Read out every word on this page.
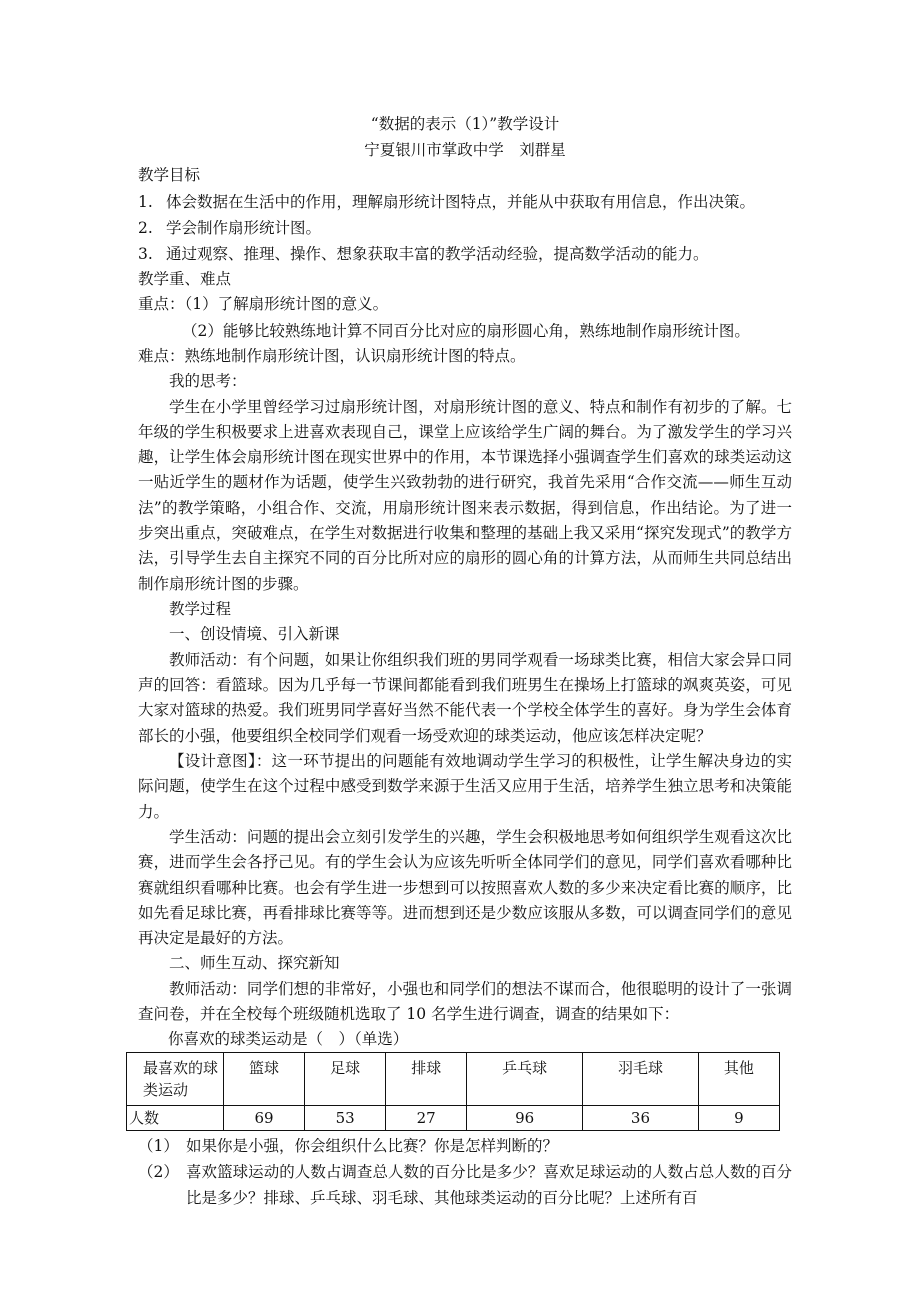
“数据的表示（1）”教学设计
宁夏银川市掌政中学　刘群星
教学目标
1. 体会数据在生活中的作用，理解扇形统计图特点，并能从中获取有用信息，作出决策。
2. 学会制作扇形统计图。
3. 通过观察、推理、操作、想象获取丰富的教学活动经验，提高数学活动的能力。
教学重、难点
重点：（1）了解扇形统计图的意义。
（2）能够比较熟练地计算不同百分比对应的扇形圆心角，熟练地制作扇形统计图。
难点：熟练地制作扇形统计图，认识扇形统计图的特点。
我的思考：
学生在小学里曾经学习过扇形统计图，对扇形统计图的意义、特点和制作有初步的了解。七年级的学生积极要求上进喜欢表现自己，课堂上应该给学生广阔的舞台。为了激发学生的学习兴趣，让学生体会扇形统计图在现实世界中的作用，本节课选择小强调查学生们喜欢的球类运动这一贴近学生的题材作为话题，使学生兴致勃勃的进行研究，我首先采用“合作交流——师生互动法”的教学策略，小组合作、交流，用扇形统计图来表示数据，得到信息，作出结论。为了进一步突出重点，突破难点，在学生对数据进行收集和整理的基础上我又采用“探究发现式”的教学方法，引导学生去自主探究不同的百分比所对应的扇形的圆心角的计算方法，从而师生共同总结出制作扇形统计图的步骤。
教学过程
一、创设情境、引入新课
教师活动：有个问题，如果让你组织我们班的男同学观看一场球类比赛，相信大家会异口同声的回答：看篮球。因为几乎每一节课间都能看到我们班男生在操场上打篮球的飒爽英姿，可见大家对篮球的热爱。我们班男同学喜好当然不能代表一个学校全体学生的喜好。身为学生会体育部长的小强，他要组织全校同学们观看一场受欢迎的球类运动，他应该怎样决定呢？
【设计意图】：这一环节提出的问题能有效地调动学生学习的积极性，让学生解决身边的实际问题，使学生在这个过程中感受到数学来源于生活又应用于生活，培养学生独立思考和决策能力。
学生活动：问题的提出会立刻引发学生的兴趣，学生会积极地思考如何组织学生观看这次比赛，进而学生会各抒己见。有的学生会认为应该先听听全体同学们的意见，同学们喜欢看哪种比赛就组织看哪种比赛。也会有学生进一步想到可以按照喜欢人数的多少来决定看比赛的顺序，比如先看足球比赛，再看排球比赛等等。进而想到还是少数应该服从多数，可以调查同学们的意见再决定是最好的方法。
二、师生互动、探究新知
教师活动：同学们想的非常好，小强也和同学们的想法不谋而合，他很聪明的设计了一张调查问卷，并在全校每个班级随机选取了 10 名学生进行调查，调查的结果如下：
你喜欢的球类运动是（　）（单选）
最喜欢的球类运动	篮球	足球	排球	乒乓球	羽毛球	其他
人数	69	53	27	96	36	9
（1） 如果你是小强，你会组织什么比赛？你是怎样判断的？
（2） 喜欢篮球运动的人数占调查总人数的百分比是多少？喜欢足球运动的人数占总人数的百分比是多少？排球、乒乓球、羽毛球、其他球类运动的百分比呢？上述所有百
